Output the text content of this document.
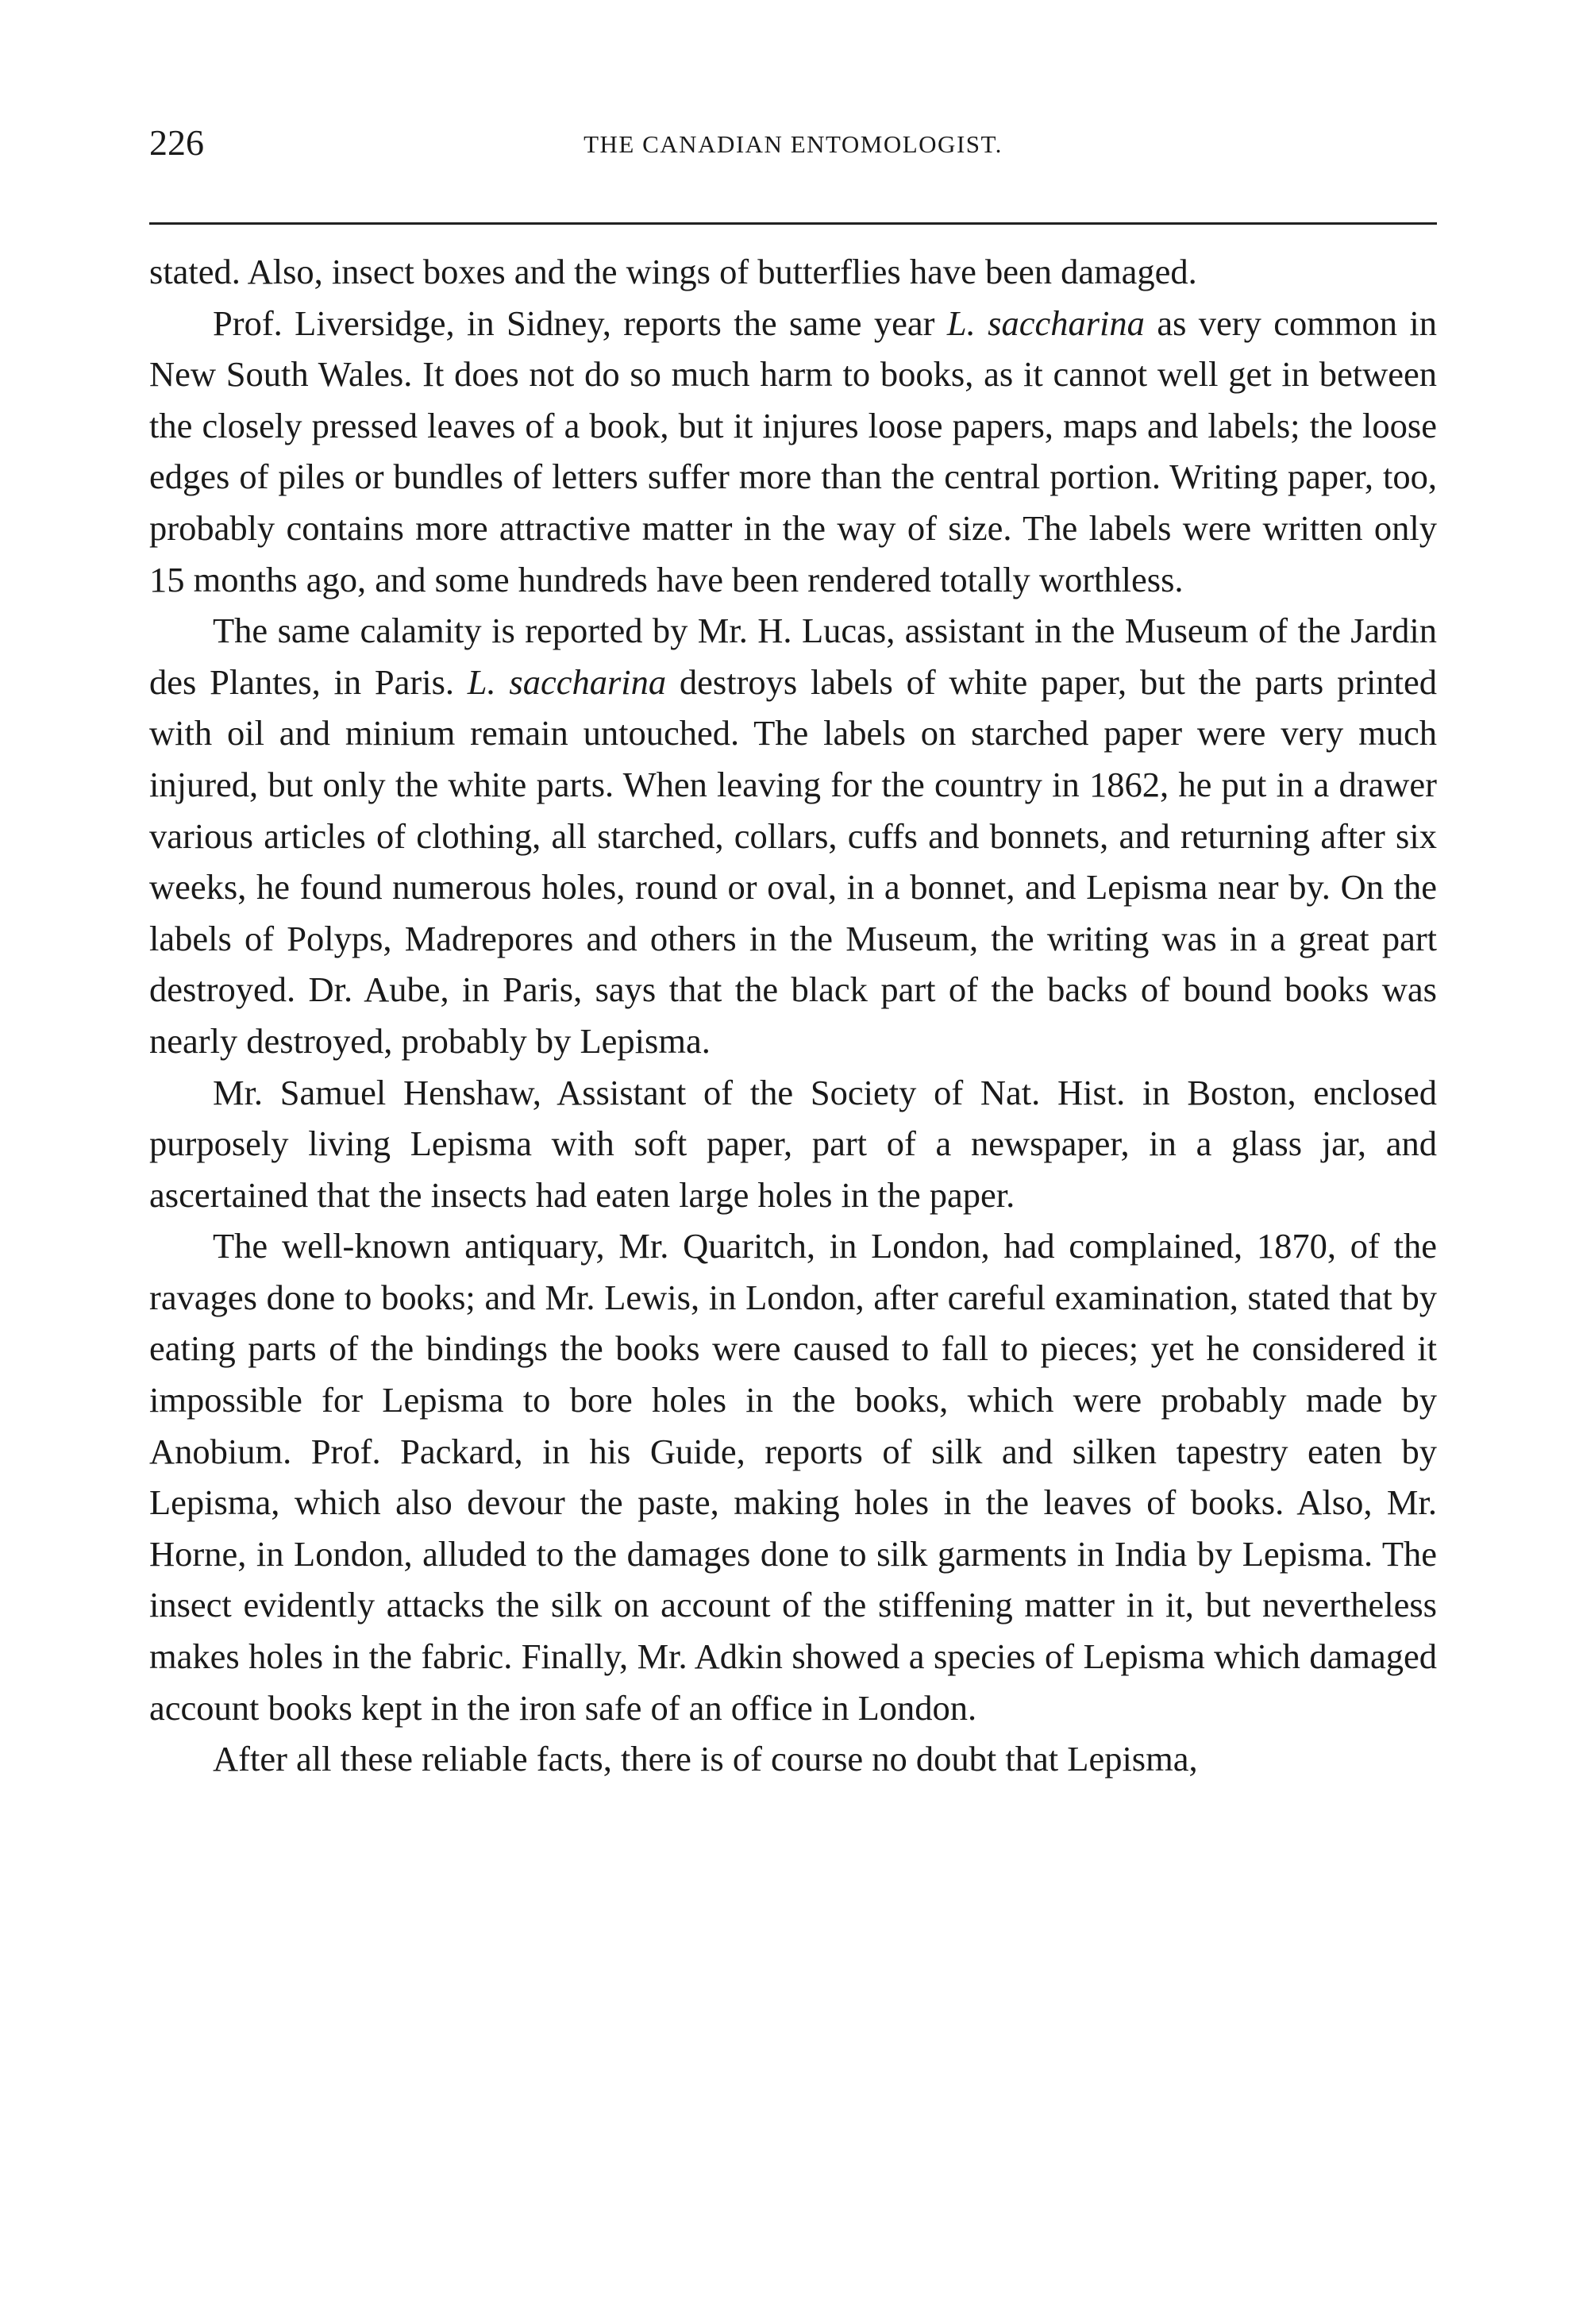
226	THE CANADIAN ENTOMOLOGIST.

stated. Also, insect boxes and the wings of butterflies have been damaged.

Prof. Liversidge, in Sidney, reports the same year L. saccharina as very common in New South Wales. It does not do so much harm to books, as it cannot well get in between the closely pressed leaves of a book, but it injures loose papers, maps and labels; the loose edges of piles or bundles of letters suffer more than the central portion. Writing paper, too, probably contains more attractive matter in the way of size. The labels were written only 15 months ago, and some hundreds have been rendered totally worthless.

The same calamity is reported by Mr. H. Lucas, assistant in the Museum of the Jardin des Plantes, in Paris. L. saccharina destroys labels of white paper, but the parts printed with oil and minium remain untouched. The labels on starched paper were very much injured, but only the white parts. When leaving for the country in 1862, he put in a drawer various articles of clothing, all starched, collars, cuffs and bonnets, and returning after six weeks, he found numerous holes, round or oval, in a bonnet, and Lepisma near by. On the labels of Polyps, Madrepores and others in the Museum, the writing was in a great part destroyed. Dr. Aube, in Paris, says that the black part of the backs of bound books was nearly destroyed, probably by Lepisma.

Mr. Samuel Henshaw, Assistant of the Society of Nat. Hist. in Boston, enclosed purposely living Lepisma with soft paper, part of a newspaper, in a glass jar, and ascertained that the insects had eaten large holes in the paper.

The well-known antiquary, Mr. Quaritch, in London, had complained, 1870, of the ravages done to books; and Mr. Lewis, in London, after careful examination, stated that by eating parts of the bindings the books were caused to fall to pieces; yet he considered it impossible for Lepisma to bore holes in the books, which were probably made by Anobium. Prof. Packard, in his Guide, reports of silk and silken tapestry eaten by Lepisma, which also devour the paste, making holes in the leaves of books. Also, Mr. Horne, in London, alluded to the damages done to silk garments in India by Lepisma. The insect evidently attacks the silk on account of the stiffening matter in it, but nevertheless makes holes in the fabric. Finally, Mr. Adkin showed a species of Lepisma which damaged account books kept in the iron safe of an office in London.

After all these reliable facts, there is of course no doubt that Lepisma,
